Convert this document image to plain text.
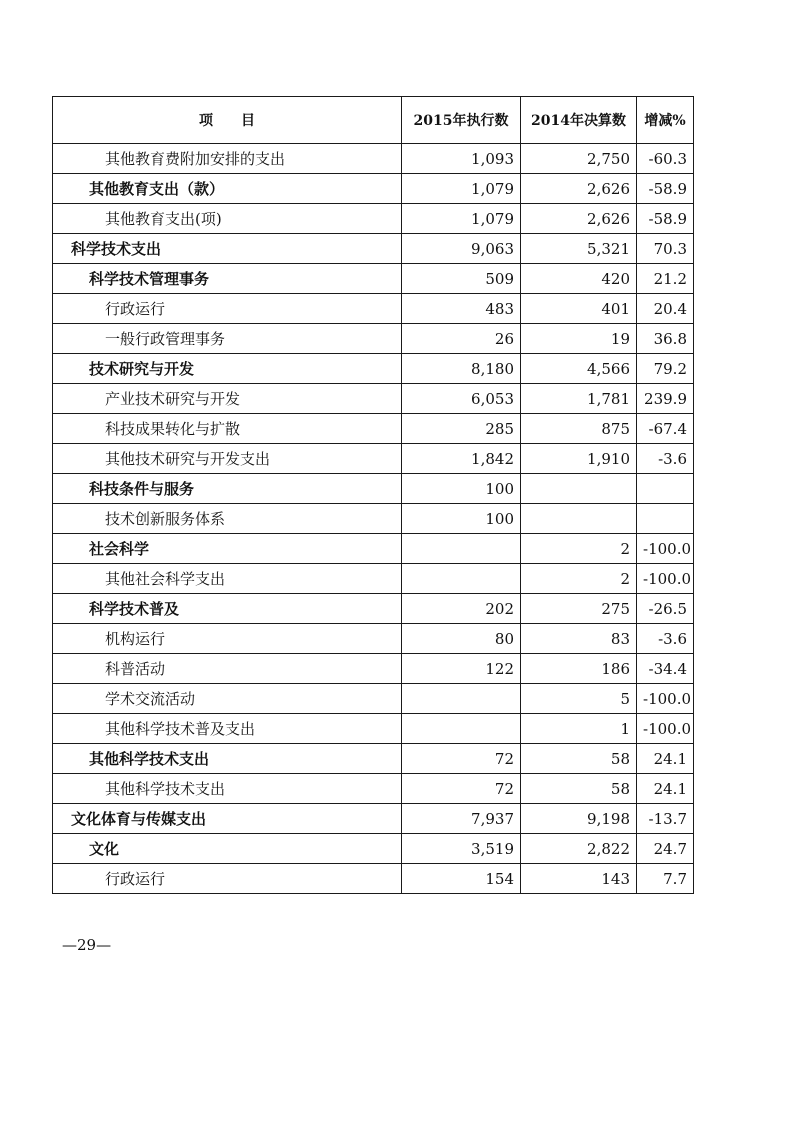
项　　目	2015年执行数	2014年决算数	增减%
其他教育费附加安排的支出	1,093	2,750	-60.3
其他教育支出（款）	1,079	2,626	-58.9
其他教育支出(项)	1,079	2,626	-58.9
科学技术支出	9,063	5,321	70.3
科学技术管理事务	509	420	21.2
行政运行	483	401	20.4
一般行政管理事务	26	19	36.8
技术研究与开发	8,180	4,566	79.2
产业技术研究与开发	6,053	1,781	239.9
科技成果转化与扩散	285	875	-67.4
其他技术研究与开发支出	1,842	1,910	-3.6
科技条件与服务	100		
技术创新服务体系	100		
社会科学		2	-100.0
其他社会科学支出		2	-100.0
科学技术普及	202	275	-26.5
机构运行	80	83	-3.6
科普活动	122	186	-34.4
学术交流活动		5	-100.0
其他科学技术普及支出		1	-100.0
其他科学技术支出	72	58	24.1
其他科学技术支出	72	58	24.1
文化体育与传媒支出	7,937	9,198	-13.7
文化	3,519	2,822	24.7
行政运行	154	143	7.7
—29—
